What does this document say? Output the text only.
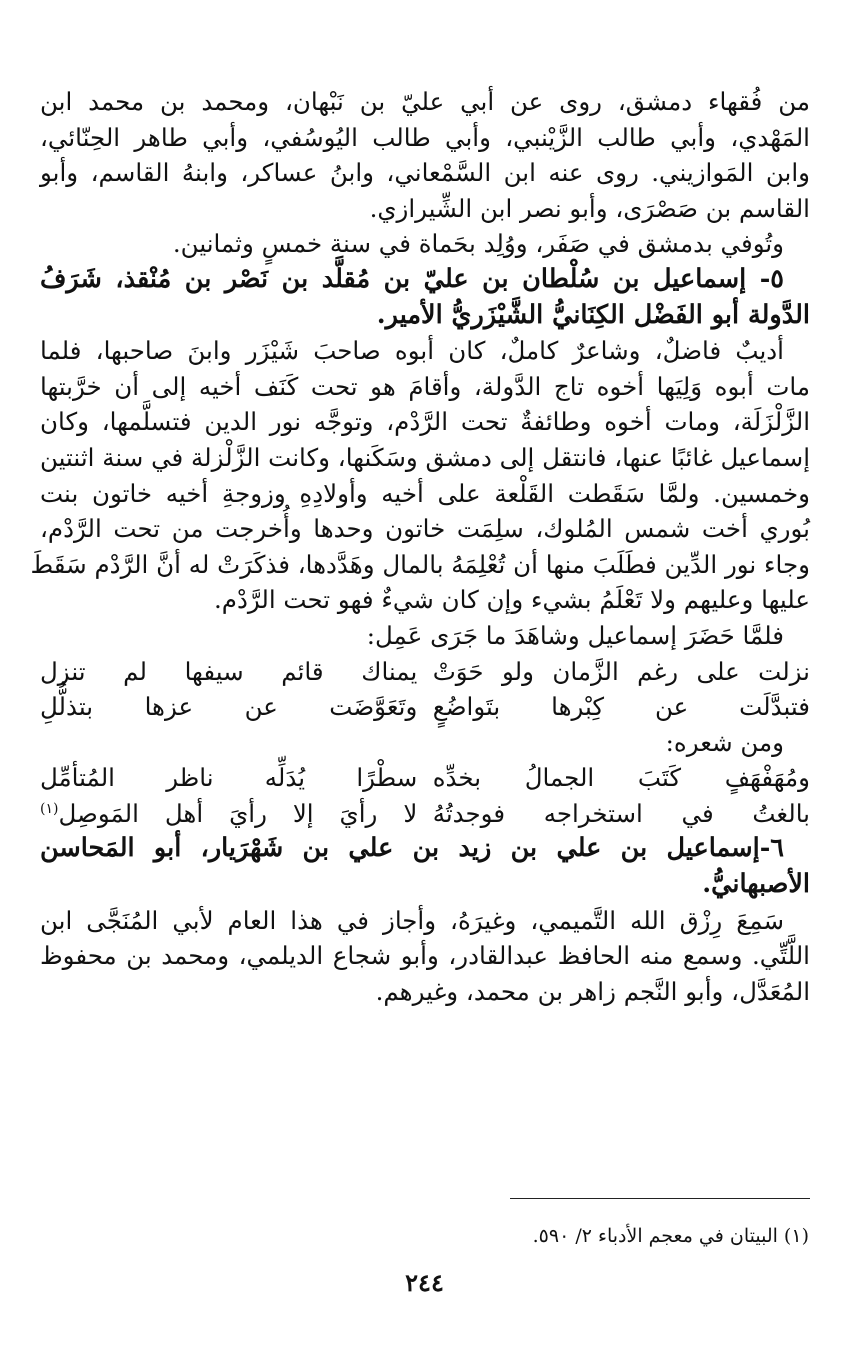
من فُقهاء دمشق، روى عن أبي عليّ بن نَبْهان، ومحمد بن محمد ابن
المَهْدي، وأبي طالب الزَّيْنبي، وأبي طالب اليُوسُفي، وأبي طاهر الحِنّائي،
وابن المَوازيني. روى عنه ابن السَّمْعاني، وابنُ عساكر، وابنهُ القاسم، وأبو
القاسم بن صَصْرَى، وأبو نصر ابن الشِّيرازي.
وتُوفي بدمشق في صَفَر، ووُلِد بحَماة في سنة خمسٍ وثمانين.
٥- إسماعيل بن سُلْطان بن عليّ بن مُقلَّد بن نَصْر بن مُنْقذ، شَرَفُ
الدَّولة أبو الفَضْل الكِنَانيُّ الشَّيْزَريُّ الأمير.
أديبٌ فاضلٌ، وشاعرٌ كاملٌ، كان أبوه صاحبَ شَيْزَر وابنَ صاحبها، فلما
مات أبوه وَلِيَها أخوه تاج الدَّولة، وأقامَ هو تحت كَنَف أخيه إلى أن خرَّبتها
الزَّلْزَلَة، ومات أخوه وطائفةٌ تحت الرَّدْم، وتوجَّه نور الدين فتسلَّمها، وكان
إسماعيل غائبًا عنها، فانتقل إلى دمشق وسَكَنها، وكانت الزَّلْزلة في سنة اثنتين
وخمسين. ولمَّا سَقَطت القَلْعة على أخيه وأولادِهِ وزوجةِ أخيه خاتون بنت
بُوري أخت شمس المُلوك، سلِمَت خاتون وحدها وأُخرجت من تحت الرَّدْم،
وجاء نور الدِّين فطَلَبَ منها أن تُعْلِمَهُ بالمال وهَدَّدها، فذكَرَتْ له أنَّ الرَّدْم سَقَطَ
عليها وعليهم ولا تَعْلَمُ بشيء وإن كان شيءٌ فهو تحت الرَّدْم.
فلمَّا حَضَرَ إسماعيل وشاهَدَ ما جَرَى عَمِل:
نزلت على رغم الزَّمان ولو حَوَتْ
يمناك قائم سيفها لم تنزل
فتبدَّلَت عن كِبْرها بتَواضُعٍ
وتَعَوَّضَت عن عزها بتذلُّلِ
ومن شعره:
ومُهَفْهَفٍ كَتَبَ الجمالُ بخدِّه
سطْرًا يُدَلِّه ناظر المُتأمِّل
بالغتُ في استخراجه فوجدتُهُ
لا رأيَ إلا رأيَ أهل المَوصِل$^{(١)}$
٦-إسماعيل بن علي بن زيد بن علي بن شَهْرَيار، أبو المَحاسن
الأصبهانيُّ.
سَمِعَ رِزْق الله التَّميمي، وغيرَهُ، وأجاز في هذا العام لأبي المُنَجَّى ابن
اللَّتِّي. وسمع منه الحافظ عبدالقادر، وأبو شجاع الديلمي، ومحمد بن محفوظ
المُعَدَّل، وأبو النَّجم زاهر بن محمد، وغيرهم.
(١) البيتان في معجم الأدباء ٢/ ٥٩٠.
٢٤٤
